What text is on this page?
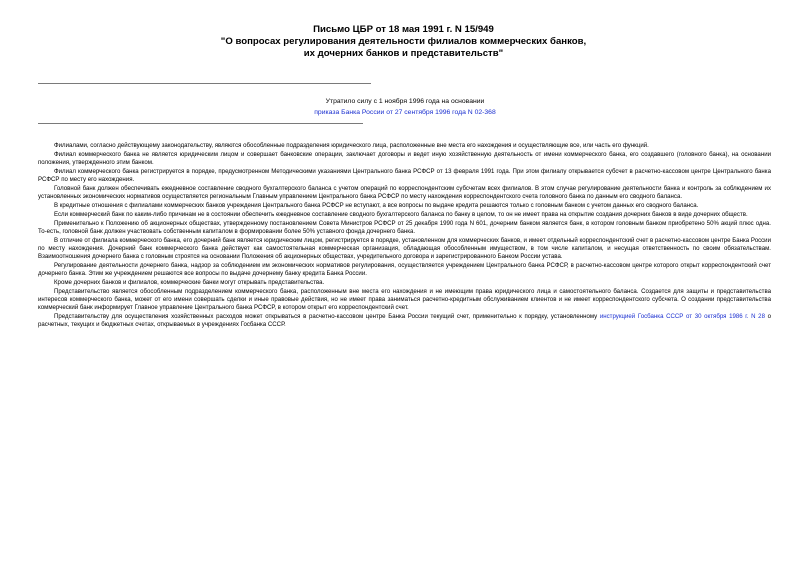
Письмо ЦБР от 18 мая 1991 г. N 15/949
"О вопросах регулирования деятельности филиалов коммерческих банков,
их дочерних банков и представительств"
Утратило силу с 1 ноября 1996 года на основании
приказа Банка России от 27 сентября 1996 года N 02-368

Филиалами, согласно действующему законодательству, являются обособленные подразделения юридического лица, расположенные вне места его нахождения и осуществляющие все, или часть его функций.

Филиал коммерческого банка не является юридическим лицом и совершает банковские операции, заключает договоры и ведет иную хозяйственную деятельность от имени коммерческого банка, его создавшего (головного банка), на основании положения, утвержденного этим банком.

Филиал коммерческого банка регистрируется в порядке, предусмотренном Методическими указаниями Центрального банка РСФСР от 13 февраля 1991 года. При этом филиалу открывается субсчет в расчетно-кассовом центре Центрального банка РСФСР по месту его нахождения.

Головной банк должен обеспечивать ежедневное составление сводного бухгалтерского баланса с учетом операций по корреспондентским субсчетам всех филиалов. В этом случае регулирование деятельности банка и контроль за соблюдением их установленных экономических нормативов осуществляется региональным Главным управлением Центрального банка РСФСР по месту нахождения корреспондентского счета головного банка по данным его сводного баланса.

В кредитные отношения с филиалами коммерческих банков учреждения Центрального банка РСФСР не вступают, а все вопросы по выдаче кредита решаются только с головным банком с учетом данных его сводного баланса.

Если коммерческий банк по каким-либо причинам не в состоянии обеспечить ежедневное составление сводного бухгалтерского баланса по банку в целом, то он не имеет права на открытие создания дочерних банков в виде дочерних обществ.

Применительно к Положению об акционерных обществах, утвержденному постановлением Совета Министров РСФСР от 25 декабря 1990 года N 601, дочерним банком является банк, в котором головным банком приобретено 50% акций плюс одна. То-есть, головной банк должен участвовать собственным капиталом в формировании более 50% уставного фонда дочернего банка.

В отличие от филиала коммерческого банка, его дочерний банк является юридическим лицом, регистрируется в порядке, установленном для коммерческих банков, и имеет отдельный корреспондентский счет в расчетно-кассовом центре Банка России по месту нахождения. Дочерний банк коммерческого банка действует как самостоятельная коммерческая организация, обладающая обособленным имуществом, в том числе капиталом, и несущая ответственность по своим обязательствам. Взаимоотношения дочернего банка с головным строятся на основании Положения об акционерных обществах, учредительного договора и зарегистрированного Банком России устава.

Регулирование деятельности дочернего банка, надзор за соблюдением им экономических нормативов регулирования, осуществляется учреждением Центрального банка РСФСР, в расчетно-кассовом центре которого открыт корреспондентский счет дочернего банка. Этим же учреждением решаются все вопросы по выдаче дочернему банку кредита Банка России.

Кроме дочерних банков и филиалов, коммерческие банки могут открывать представительства.

Представительство является обособленным подразделением коммерческого банка, расположенным вне места его нахождения и не имеющим права юридического лица и самостоятельного баланса. Создается для защиты и представительства интересов коммерческого банка, может от его имени совершать сделки и иные правовые действия, но не имеет права заниматься расчетно-кредитным обслуживанием клиентов и не имеет корреспондентского субсчета. О создании представительства коммерческий банк информирует Главное управление Центрального банка РСФСР, в котором открыт его корреспондентский счет.

Представительству для осуществления хозяйственных расходов может открываться в расчетно-кассовом центре Банка России текущий счет, применительно к порядку, установленному инструкцией Госбанка СССР от 30 октября 1986 г. N 28 о расчетных, текущих и бюджетных счетах, открываемых в учреждениях Госбанка СССР.
